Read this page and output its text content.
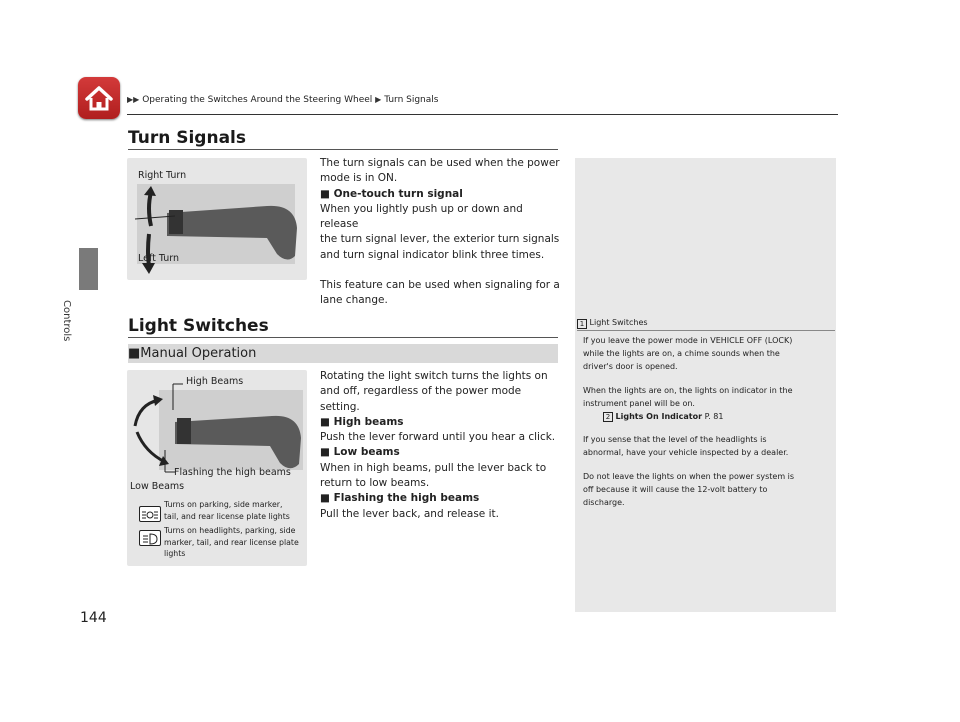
▶▶ Operating the Switches Around the Steering Wheel ▶ Turn Signals
Controls
144
Turn Signals
Right Turn
Left Turn
The turn signals can be used when the power
mode is in ON.
■ One-touch turn signal
When you lightly push up or down and release
the turn signal lever, the exterior turn signals
and turn signal indicator blink three times.
This feature can be used when signaling for a
lane change.
Light Switches
■Manual Operation
High Beams
Flashing the high beams
Low Beams
Turns on parking, side marker,
tail, and rear license plate lights
Turns on headlights, parking, side
marker, tail, and rear license plate
lights
Rotating the light switch turns the lights on
and off, regardless of the power mode
setting.
■ High beams
Push the lever forward until you hear a click.
■ Low beams
When in high beams, pull the lever back to
return to low beams.
■ Flashing the high beams
Pull the lever back, and release it.
1 Light Switches
If you leave the power mode in VEHICLE OFF (LOCK)
while the lights are on, a chime sounds when the
driver's door is opened.
When the lights are on, the lights on indicator in the
instrument panel will be on.
2 Lights On Indicator P. 81
If you sense that the level of the headlights is
abnormal, have your vehicle inspected by a dealer.
Do not leave the lights on when the power system is
off because it will cause the 12-volt battery to
discharge.
